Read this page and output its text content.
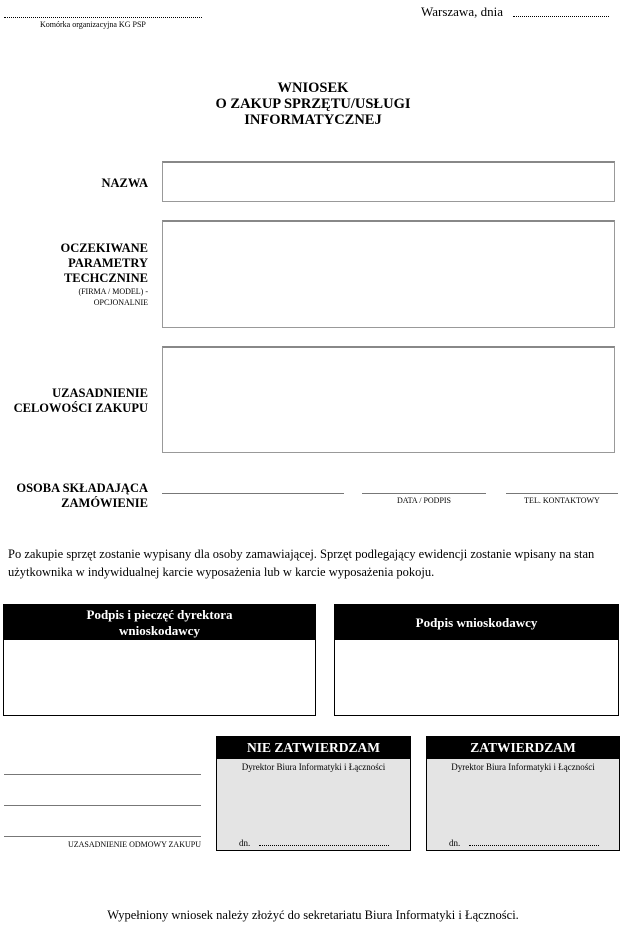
Komórka organizacyjna KG PSP
Warszawa, dnia
WNIOSEK
O ZAKUP SPRZĘTU/USŁUGI
INFORMATYCZNEJ
NAZWA
OCZEKIWANE
PARAMETRY
TECHCZNINE
(FIRMA / MODEL) -
OPCJONALNIE
UZASADNIENIE
CELOWOŚCI ZAKUPU
OSOBA SKŁADAJĄCA
ZAMÓWIENIE	DATA / PODPIS	TEL. KONTAKTOWY
Po zakupie sprzęt zostanie wypisany dla osoby zamawiającej. Sprzęt podlegający ewidencji zostanie wpisany na stan użytkownika w indywidualnej karcie wyposażenia lub w karcie wyposażenia pokoju.
Podpis i pieczęć dyrektora
wnioskodawcy
Podpis wnioskodawcy
UZASADNIENIE ODMOWY ZAKUPU
NIE ZATWIERDZAM
Dyrektor Biura Informatyki i Łączności
dn.
ZATWIERDZAM
Dyrektor Biura Informatyki i Łączności
dn.
Wypełniony wniosek należy złożyć do sekretariatu Biura Informatyki i Łączności.
